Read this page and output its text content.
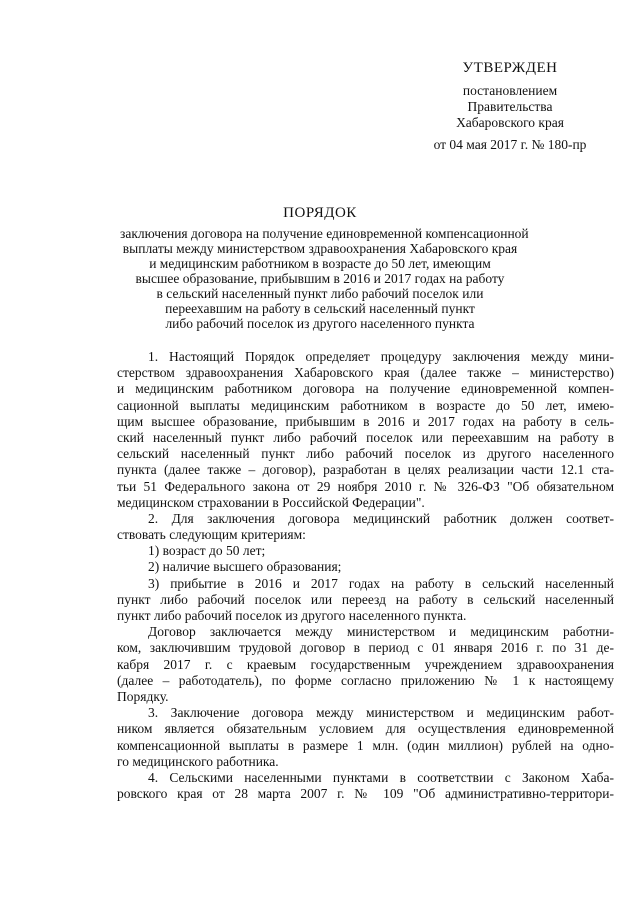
УТВЕРЖДЕН
постановлением
Правительства
Хабаровского края
от 04 мая 2017 г. № 180-пр
ПОРЯДОК
заключения договора на получение единовременной компенсационной
выплаты между министерством здравоохранения Хабаровского края
и медицинским работником в возрасте до 50 лет, имеющим
высшее образование, прибывшим в 2016 и 2017 годах на работу
в сельский населенный пункт либо рабочий поселок или
переехавшим на работу в сельский населенный пункт
либо рабочий поселок из другого населенного пункта
1. Настоящий Порядок определяет процедуру заключения между мини-
стерством здравоохранения Хабаровского края (далее также – министерство)
и медицинским работником договора на получение единовременной компен-
сационной выплаты медицинским работником в возрасте до 50 лет, имею-
щим высшее образование, прибывшим в 2016 и 2017 годах на работу в сель-
ский населенный пункт либо рабочий поселок или переехавшим на работу в
сельский населенный пункт либо рабочий поселок из другого населенного
пункта (далее также – договор), разработан в целях реализации части 12.1 ста-
тьи 51 Федерального закона от 29 ноября 2010 г. № 326-ФЗ "Об обязательном
медицинском страховании в Российской Федерации".
2. Для заключения договора медицинский работник должен соответ-
ствовать следующим критериям:
1) возраст до 50 лет;
2) наличие высшего образования;
3) прибытие в 2016 и 2017 годах на работу в сельский населенный
пункт либо рабочий поселок или переезд на работу в сельский населенный
пункт либо рабочий поселок из другого населенного пункта.
Договор заключается между министерством и медицинским работни-
ком, заключившим трудовой договор в период с 01 января 2016 г. по 31 де-
кабря 2017 г. с краевым государственным учреждением здравоохранения
(далее – работодатель), по форме согласно приложению № 1 к настоящему
Порядку.
3. Заключение договора между министерством и медицинским работ-
ником является обязательным условием для осуществления единовременной
компенсационной выплаты в размере 1 млн. (один миллион) рублей на одно-
го медицинского работника.
4. Сельскими населенными пунктами в соответствии с Законом Хаба-
ровского края от 28 марта 2007 г. № 109 "Об административно-территори-
